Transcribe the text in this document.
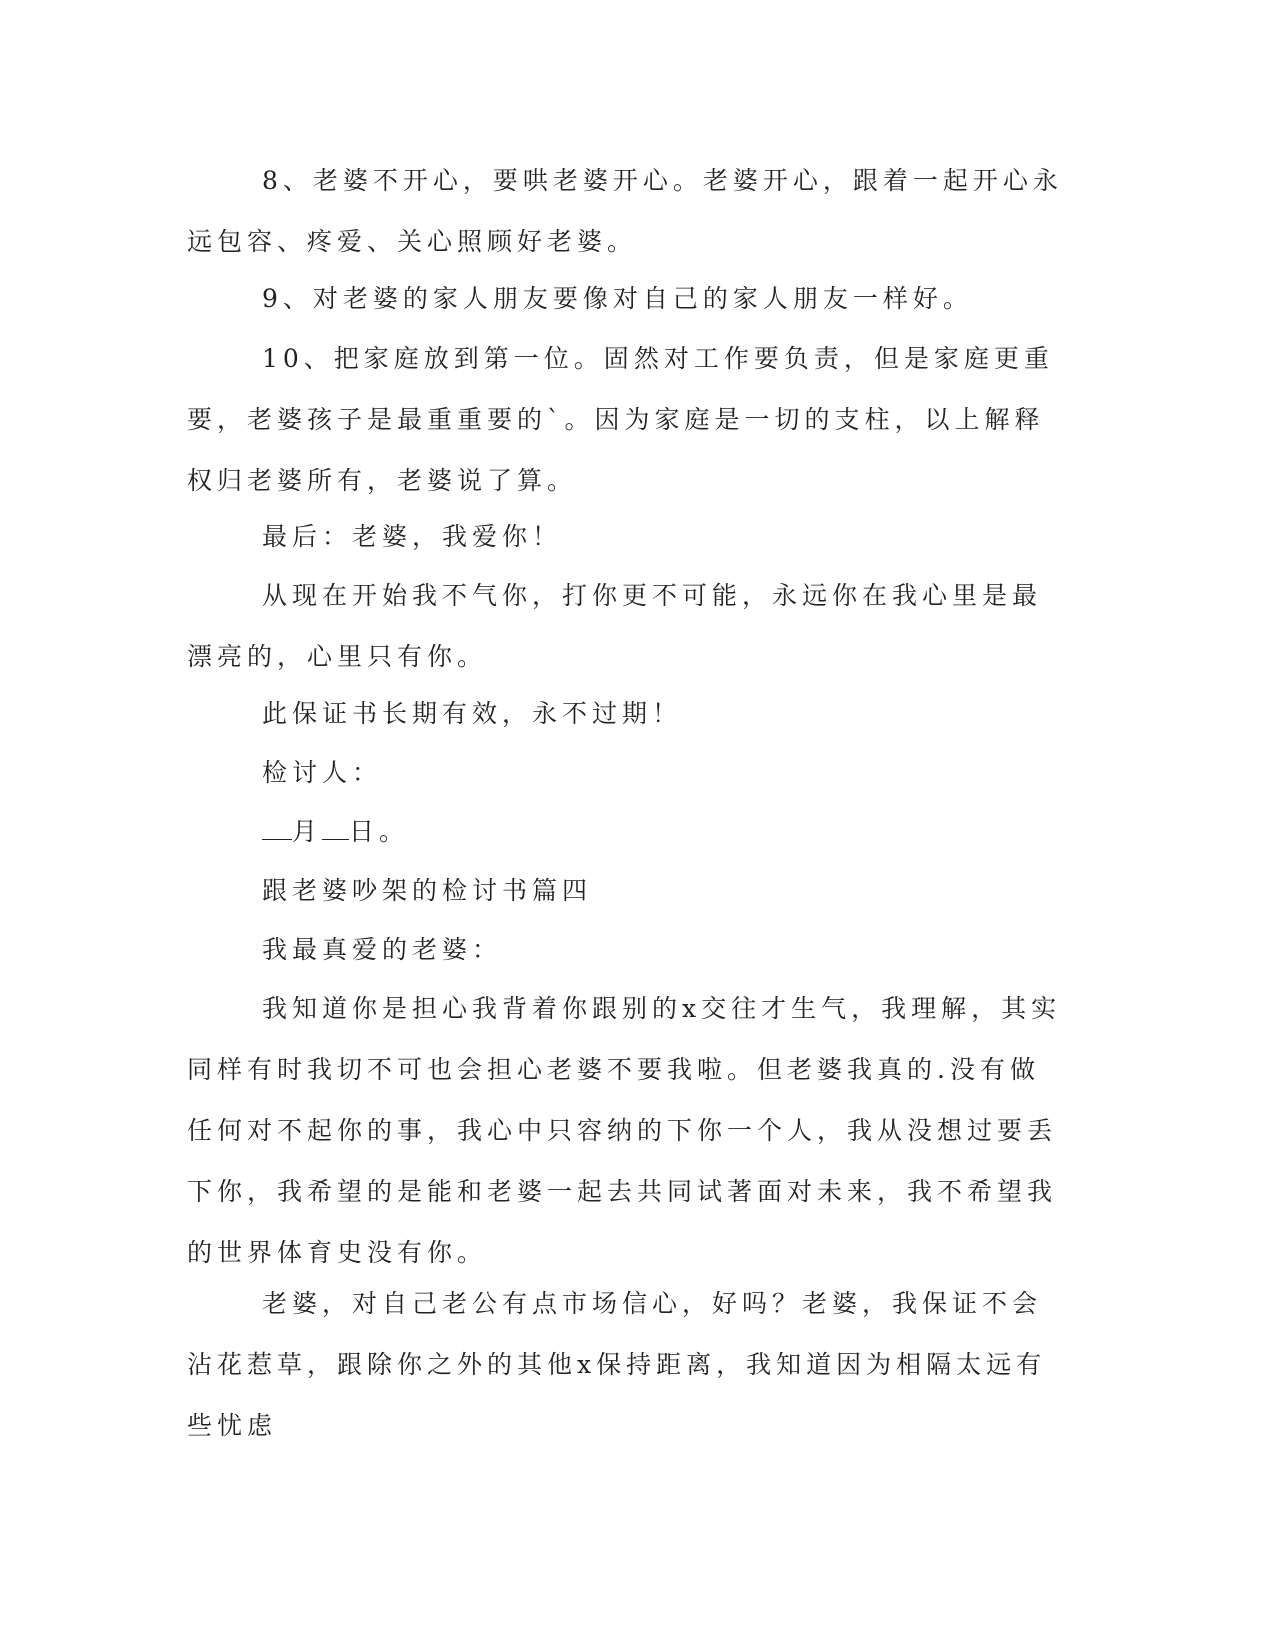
8、老婆不开心，要哄老婆开心。老婆开心，跟着一起开心永远包容、疼爱、关心照顾好老婆。

9、对老婆的家人朋友要像对自己的家人朋友一样好。

10、把家庭放到第一位。固然对工作要负责，但是家庭更重要，老婆孩子是最重重要的`。因为家庭是一切的支柱，以上解释权归老婆所有，老婆说了算。

最后：老婆，我爱你！

从现在开始我不气你，打你更不可能，永远你在我心里是最漂亮的，心里只有你。

此保证书长期有效，永不过期！

检讨人：

月 日。

跟老婆吵架的检讨书篇四

我最真爱的老婆：

我知道你是担心我背着你跟别的x交往才生气，我理解，其实同样有时我切不可也会担心老婆不要我啦。但老婆我真的.没有做任何对不起你的事，我心中只容纳的下你一个人，我从没想过要丢下你，我希望的是能和老婆一起去共同试著面对未来，我不希望我的世界体育史没有你。

老婆，对自己老公有点市场信心，好吗？老婆，我保证不会沾花惹草，跟除你之外的其他x保持距离，我知道因为相隔太远有些忧虑
